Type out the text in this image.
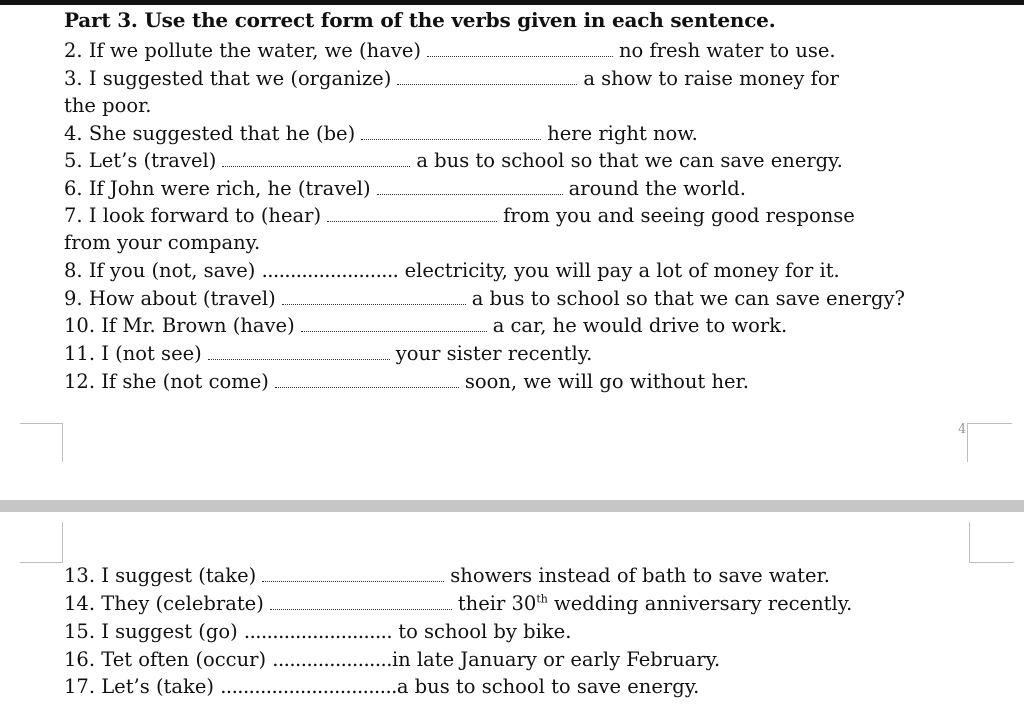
4
Part 3. Use the correct form of the verbs given in each sentence.
2. If we pollute the water, we (have)	no fresh water to use.
3. I suggested that we (organize)	a show to raise money for
the poor.
4. She suggested that he (be)	here right now.
5. Let’s (travel)	a bus to school so that we can save energy.
6. If John were rich, he (travel)	around the world.
7. I look forward to (hear)	from you and seeing good response
from your company.
8. If you (not, save) ........................ electricity, you will pay a lot of money for it.
9. How about (travel)	a bus to school so that we can save energy?
10. If Mr. Brown (have)	a car, he would drive to work.
11. I (not see)	your sister recently.
12. If she (not come)	soon, we will go without her.
13. I suggest (take)	showers instead of bath to save water.
14. They (celebrate)	their 30th wedding anniversary recently.
15. I suggest (go) .......................... to school by bike.
16. Tet often (occur) .....................in late January or early February.
17. Let’s (take) ...............................a bus to school to save energy.
